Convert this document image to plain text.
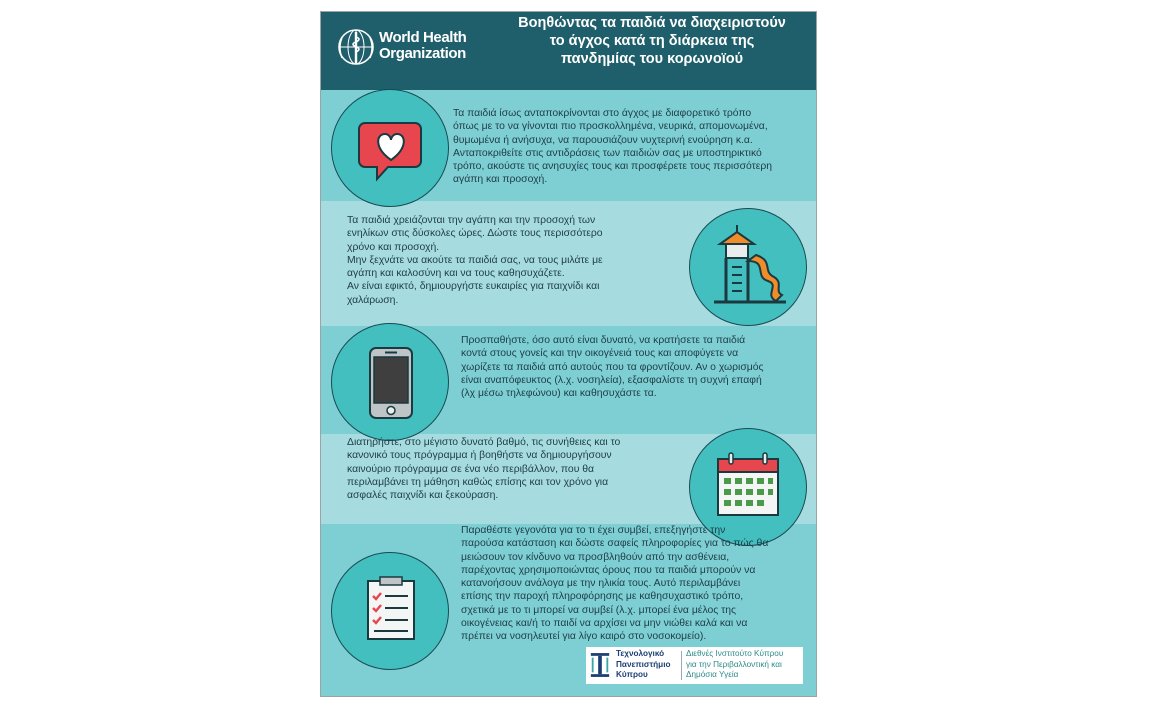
World Health
Organization
Βοηθώντας τα παιδιά να διαχειριστούν
το άγχος κατά τη διάρκεια της
πανδημίας του κορωνοϊού
Τα παιδιά ίσως ανταποκρίνονται στο άγχος με διαφορετικό τρόπο
όπως με το να γίνονται πιο προσκολλημένα, νευρικά, απομονωμένα,
θυμωμένα ή ανήσυχα, να παρουσιάζουν νυχτερινή ενούρηση κ.α.
Ανταποκριθείτε στις αντιδράσεις των παιδιών σας με υποστηρικτικό
τρόπο, ακούστε τις ανησυχίες τους και προσφέρετε τους περισσότερη
αγάπη και προσοχή.
Τα παιδιά χρειάζονται την αγάπη και την προσοχή των
ενηλίκων στις δύσκολες ώρες. Δώστε τους περισσότερο
χρόνο και προσοχή.
Μην ξεχνάτε να ακούτε τα παιδιά σας, να τους μιλάτε με
αγάπη και καλοσύνη και να τους καθησυχάζετε.
Αν είναι εφικτό, δημιουργήστε ευκαιρίες για παιχνίδι και
χαλάρωση.
Προσπαθήστε, όσο αυτό είναι δυνατό, να κρατήσετε τα παιδιά
κοντά στους γονείς και την οικογένειά τους και αποφύγετε να
χωρίζετε τα παιδιά από αυτούς που τα φροντίζουν. Αν ο χωρισμός
είναι αναπόφευκτος (λ.χ. νοσηλεία), εξασφαλίστε τη συχνή επαφή
(λχ μέσω τηλεφώνου) και καθησυχάστε τα.
Διατηρήστε, στο μέγιστο δυνατό βαθμό, τις συνήθειες και το
κανονικό τους πρόγραμμα ή βοηθήστε να δημιουργήσουν
καινούριο πρόγραμμα σε ένα νέο περιβάλλον, που θα
περιλαμβάνει τη μάθηση καθώς επίσης και τον χρόνο για
ασφαλές παιχνίδι και ξεκούραση.
Παραθέστε γεγονότα για το τι έχει συμβεί, επεξηγήστε την
παρούσα κατάσταση και δώστε σαφείς πληροφορίες για το πώς θα
μειώσουν τον κίνδυνο να προσβληθούν από την ασθένεια,
παρέχοντας χρησιμοποιώντας όρους που τα παιδιά μπορούν να
κατανοήσουν ανάλογα με την ηλικία τους. Αυτό περιλαμβάνει
επίσης την παροχή πληροφόρησης με καθησυχαστικό τρόπο,
σχετικά με το τι μπορεί να συμβεί (λ.χ. μπορεί ένα μέλος της
οικογένειας και/ή το παιδί να αρχίσει να μην νιώθει καλά και να
πρέπει να νοσηλευτεί για λίγο καιρό στο νοσοκομείο).
Τεχνολογικό
Πανεπιστήμιο
Κύπρου
Διεθνές Ινστιτούτο Κύπρου
για την Περιβαλλοντική και
Δημόσια Υγεία
